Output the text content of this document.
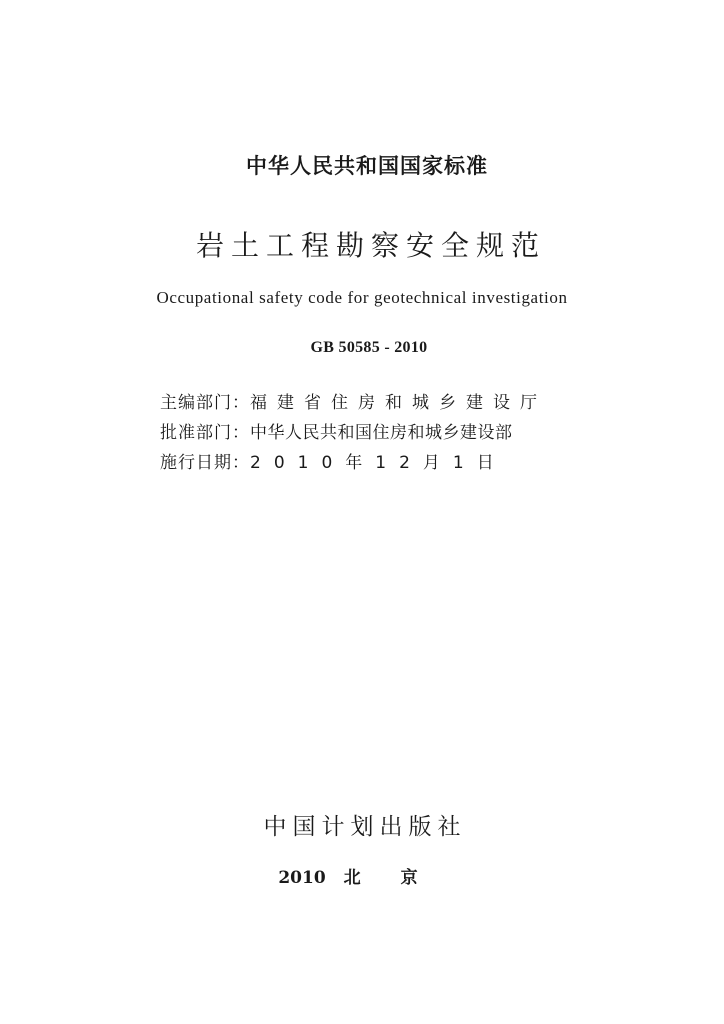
中华人民共和国国家标准
岩土工程勘察安全规范
Occupational safety code for geotechnical investigation
GB 50585 - 2010
主编部门：福建省住房和城乡建设厅
批准部门：中华人民共和国住房和城乡建设部
施行日期：2010年12月1日
中国计划出版社
2010 北京
